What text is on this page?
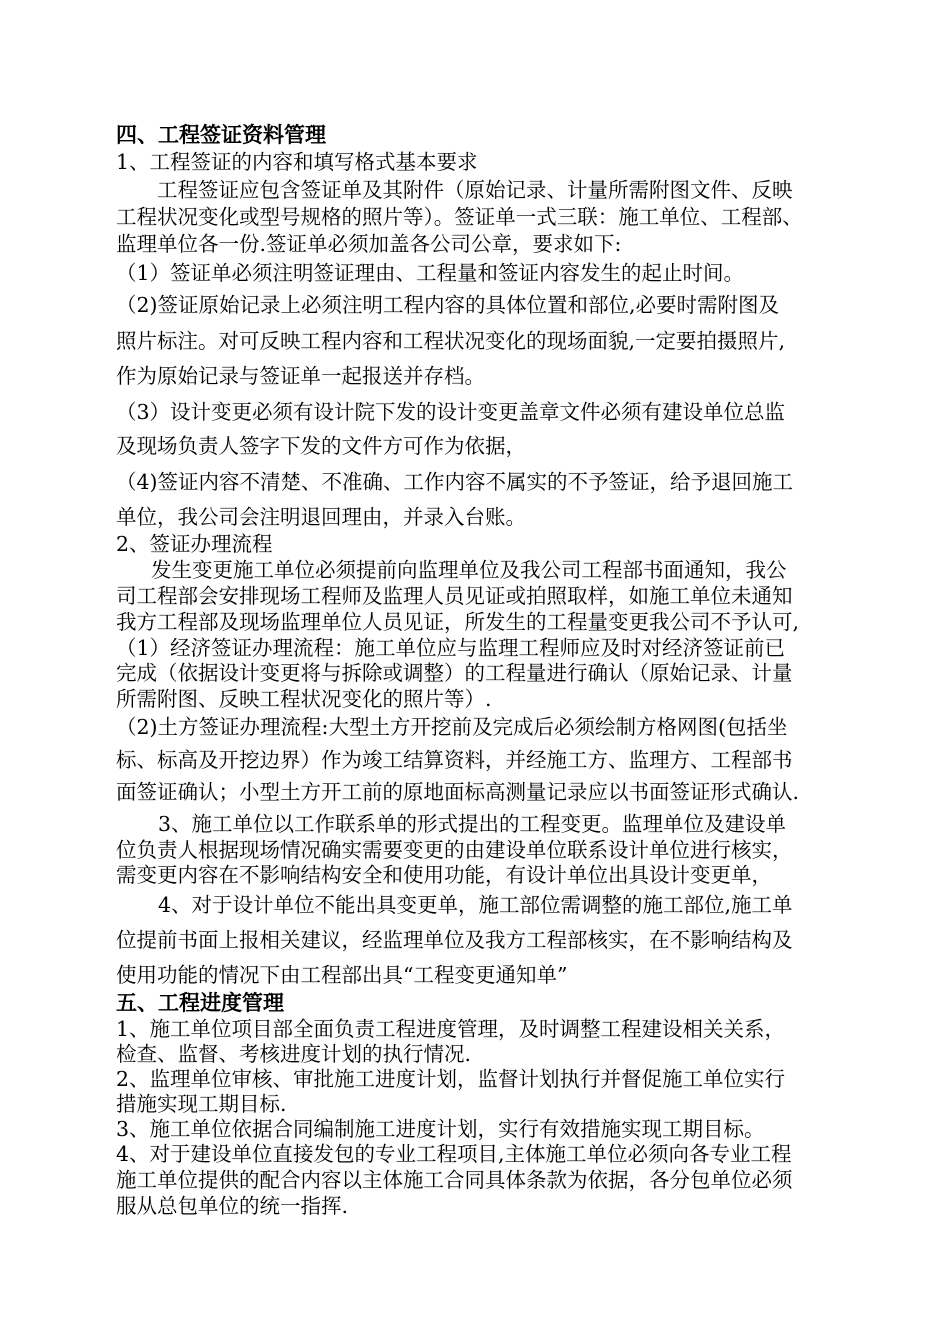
四、工程签证资料管理
1、工程签证的内容和填写格式基本要求
工程签证应包含签证单及其附件（原始记录、计量所需附图文件、反映
工程状况变化或型号规格的照片等）。签证单一式三联：施工单位、工程部、
监理单位各一份.签证单必须加盖各公司公章，要求如下:
（1）签证单必须注明签证理由、工程量和签证内容发生的起止时间。
（2)签证原始记录上必须注明工程内容的具体位置和部位,必要时需附图及
照片标注。对可反映工程内容和工程状况变化的现场面貌,一定要拍摄照片,
作为原始记录与签证单一起报送并存档。
（3）设计变更必须有设计院下发的设计变更盖章文件必须有建设单位总监
及现场负责人签字下发的文件方可作为依据，
（4)签证内容不清楚、不准确、工作内容不属实的不予签证，给予退回施工
单位，我公司会注明退回理由，并录入台账。
2、签证办理流程
发生变更施工单位必须提前向监理单位及我公司工程部书面通知，我公
司工程部会安排现场工程师及监理人员见证或拍照取样，如施工单位未通知
我方工程部及现场监理单位人员见证，所发生的工程量变更我公司不予认可,
（1）经济签证办理流程：施工单位应与监理工程师应及时对经济签证前已
完成（依据设计变更将与拆除或调整）的工程量进行确认（原始记录、计量
所需附图、反映工程状况变化的照片等）.
（2)土方签证办理流程:大型土方开挖前及完成后必须绘制方格网图(包括坐
标、标高及开挖边界）作为竣工结算资料，并经施工方、监理方、工程部书
面签证确认；小型土方开工前的原地面标高测量记录应以书面签证形式确认.
3、施工单位以工作联系单的形式提出的工程变更。监理单位及建设单
位负责人根据现场情况确实需要变更的由建设单位联系设计单位进行核实，
需变更内容在不影响结构安全和使用功能，有设计单位出具设计变更单，
4、对于设计单位不能出具变更单，施工部位需调整的施工部位,施工单
位提前书面上报相关建议，经监理单位及我方工程部核实，在不影响结构及
使用功能的情况下由工程部出具“工程变更通知单”
五、工程进度管理
1、施工单位项目部全面负责工程进度管理，及时调整工程建设相关关系，
检查、监督、考核进度计划的执行情况.
2、监理单位审核、审批施工进度计划，监督计划执行并督促施工单位实行
措施实现工期目标.
3、施工单位依据合同编制施工进度计划，实行有效措施实现工期目标。
4、对于建设单位直接发包的专业工程项目,主体施工单位必须向各专业工程
施工单位提供的配合内容以主体施工合同具体条款为依据，各分包单位必须
服从总包单位的统一指挥.
